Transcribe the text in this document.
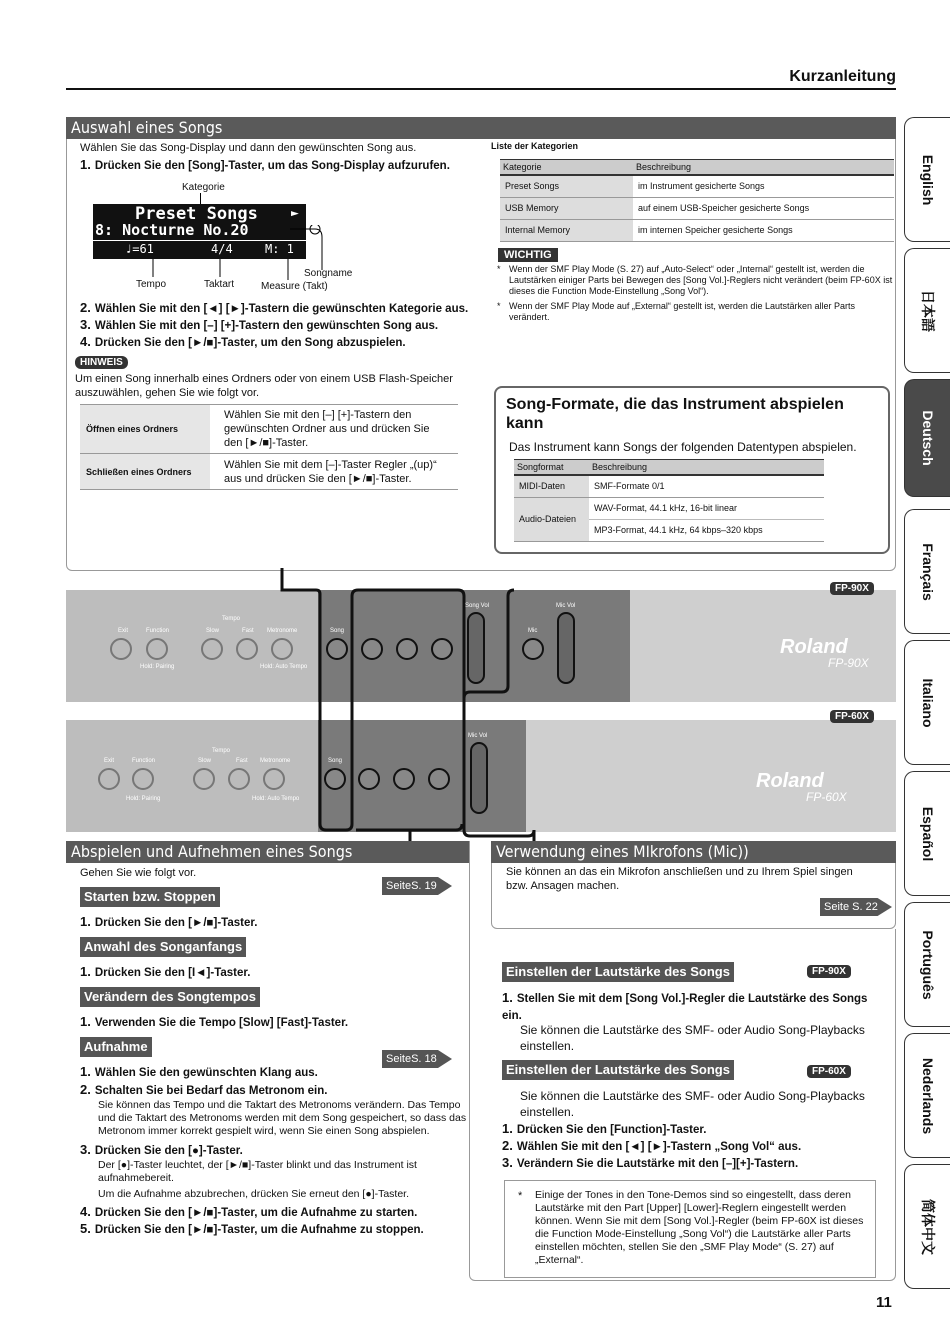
Kurzanleitung
English
日本語
Deutsch
Français
Italiano
Español
Português
Nederlands
简体中文
Auswahl eines Songs
Wählen Sie das Song-Display und dann den gewünschten Song aus.
1. Drücken Sie den [Song]-Taster, um das Song-Display aufzurufen.
Kategorie
Preset Songs	►
8: Nocturne No.20
♩=61	4/4	M: 1
Tempo	Taktart	Measure (Takt)
Songname
2. Wählen Sie mit den [◄] [►]-Tastern die gewünschten Kategorie aus.
3. Wählen Sie mit den [–] [+]-Tastern den gewünschten Song aus.
4. Drücken Sie den [►/■]-Taster, um den Song abzuspielen.
HINWEIS
Um einen Song innerhalb eines Ordners oder von einem USB Flash-Speicher auszuwählen, gehen Sie wie folgt vor.
Öffnen eines Ordners	Wählen Sie mit den [–] [+]-Tastern den gewünschten Ordner aus und drücken Sie den [►/■]-Taster.
Schließen eines Ordners	Wählen Sie mit dem [–]-Taster Regler „(up)“ aus und drücken Sie den [►/■]-Taster.
Liste der Kategorien
Kategorie	Beschreibung
Preset Songs	im Instrument gesicherte Songs
USB Memory	auf einem USB-Speicher gesicherte Songs
Internal Memory	im internen Speicher gesicherte Songs
WICHTIG
* Wenn der SMF Play Mode (S. 27) auf „Auto-Select“ oder „Internal“ gestellt ist, werden die Lautstärken einiger Parts bei Bewegen des [Song Vol.]-Reglers nicht verändert (beim FP-60X ist dieses die Function Mode-Einstellung „Song Vol“).
* Wenn der SMF Play Mode auf „External“ gestellt ist, werden die Lautstärken aller Parts verändert.
Song-Formate, die das Instrument abspielen kann
Das Instrument kann Songs der folgenden Datentypen abspielen.
Songformat	Beschreibung
MIDI-Daten	SMF-Formate 0/1
Audio-Dateien	WAV-Format, 44.1 kHz, 16-bit linear
	MP3-Format, 44.1 kHz, 64 kbps–320 kbps
FP-90X
Roland
FP-90X
FP-60X
Roland
FP-60X
Exit	Function
Tempo
Slow	Fast Metronome	Song
Song Vol	Mic Vol
Mic
Hold: Pairing	Hold: Auto Tempo
Exit	Function
Tempo
Slow	Fast Metronome	Song
Mic Vol
Hold: Pairing	Hold: Auto Tempo
Abspielen und Aufnehmen eines Songs
Gehen Sie wie folgt vor.
SeiteS. 19
Starten bzw. Stoppen
1. Drücken Sie den [►/■]-Taster.
Anwahl des Songanfangs
1. Drücken Sie den [I◄]-Taster.
Verändern des Songtempos
1. Verwenden Sie die Tempo [Slow] [Fast]-Taster.
Aufnahme
SeiteS. 18
1. Wählen Sie den gewünschten Klang aus.
2. Schalten Sie bei Bedarf das Metronom ein.
Sie können das Tempo und die Taktart des Metronoms verändern. Das Tempo und die Taktart des Metronoms werden mit dem Song gespeichert, so dass das Metronom immer korrekt gespielt wird, wenn Sie einen Song abspielen.
3. Drücken Sie den [●]-Taster.
Der [●]-Taster leuchtet, der [►/■]-Taster blinkt und das Instrument ist aufnahmebereit.
Um die Aufnahme abzubrechen, drücken Sie erneut den [●]-Taster.
4. Drücken Sie den [►/■]-Taster, um die Aufnahme zu starten.
5. Drücken Sie den [►/■]-Taster, um die Aufnahme zu stoppen.
Verwendung eines MIkrofons (Mic))
Sie können an das ein Mikrofon anschließen und zu Ihrem Spiel singen bzw. Ansagen machen.
Seite S. 22
Einstellen der Lautstärke des Songs	FP-90X
1. Stellen Sie mit dem [Song Vol.]-Regler die Lautstärke des Songs ein.
Sie können die Lautstärke des SMF- oder Audio Song-Playbacks einstellen.
Einstellen der Lautstärke des Songs	FP-60X
Sie können die Lautstärke des SMF- oder Audio Song-Playbacks einstellen.
1. Drücken Sie den [Function]-Taster.
2. Wählen Sie mit den [◄] [►]-Tastern „Song Vol“ aus.
3. Verändern Sie die Lautstärke mit den [–][+]-Tastern.
* Einige der Tones in den Tone-Demos sind so eingestellt, dass deren Lautstärke mit den Part [Upper] [Lower]-Reglern eingestellt werden können. Wenn Sie mit dem [Song Vol.]-Regler (beim FP-60X ist dieses die Function Mode-Einstellung „Song Vol“) die Lautstärke aller Parts einstellen möchten, stellen Sie den „SMF Play Mode“ (S. 27) auf „External“.
11
